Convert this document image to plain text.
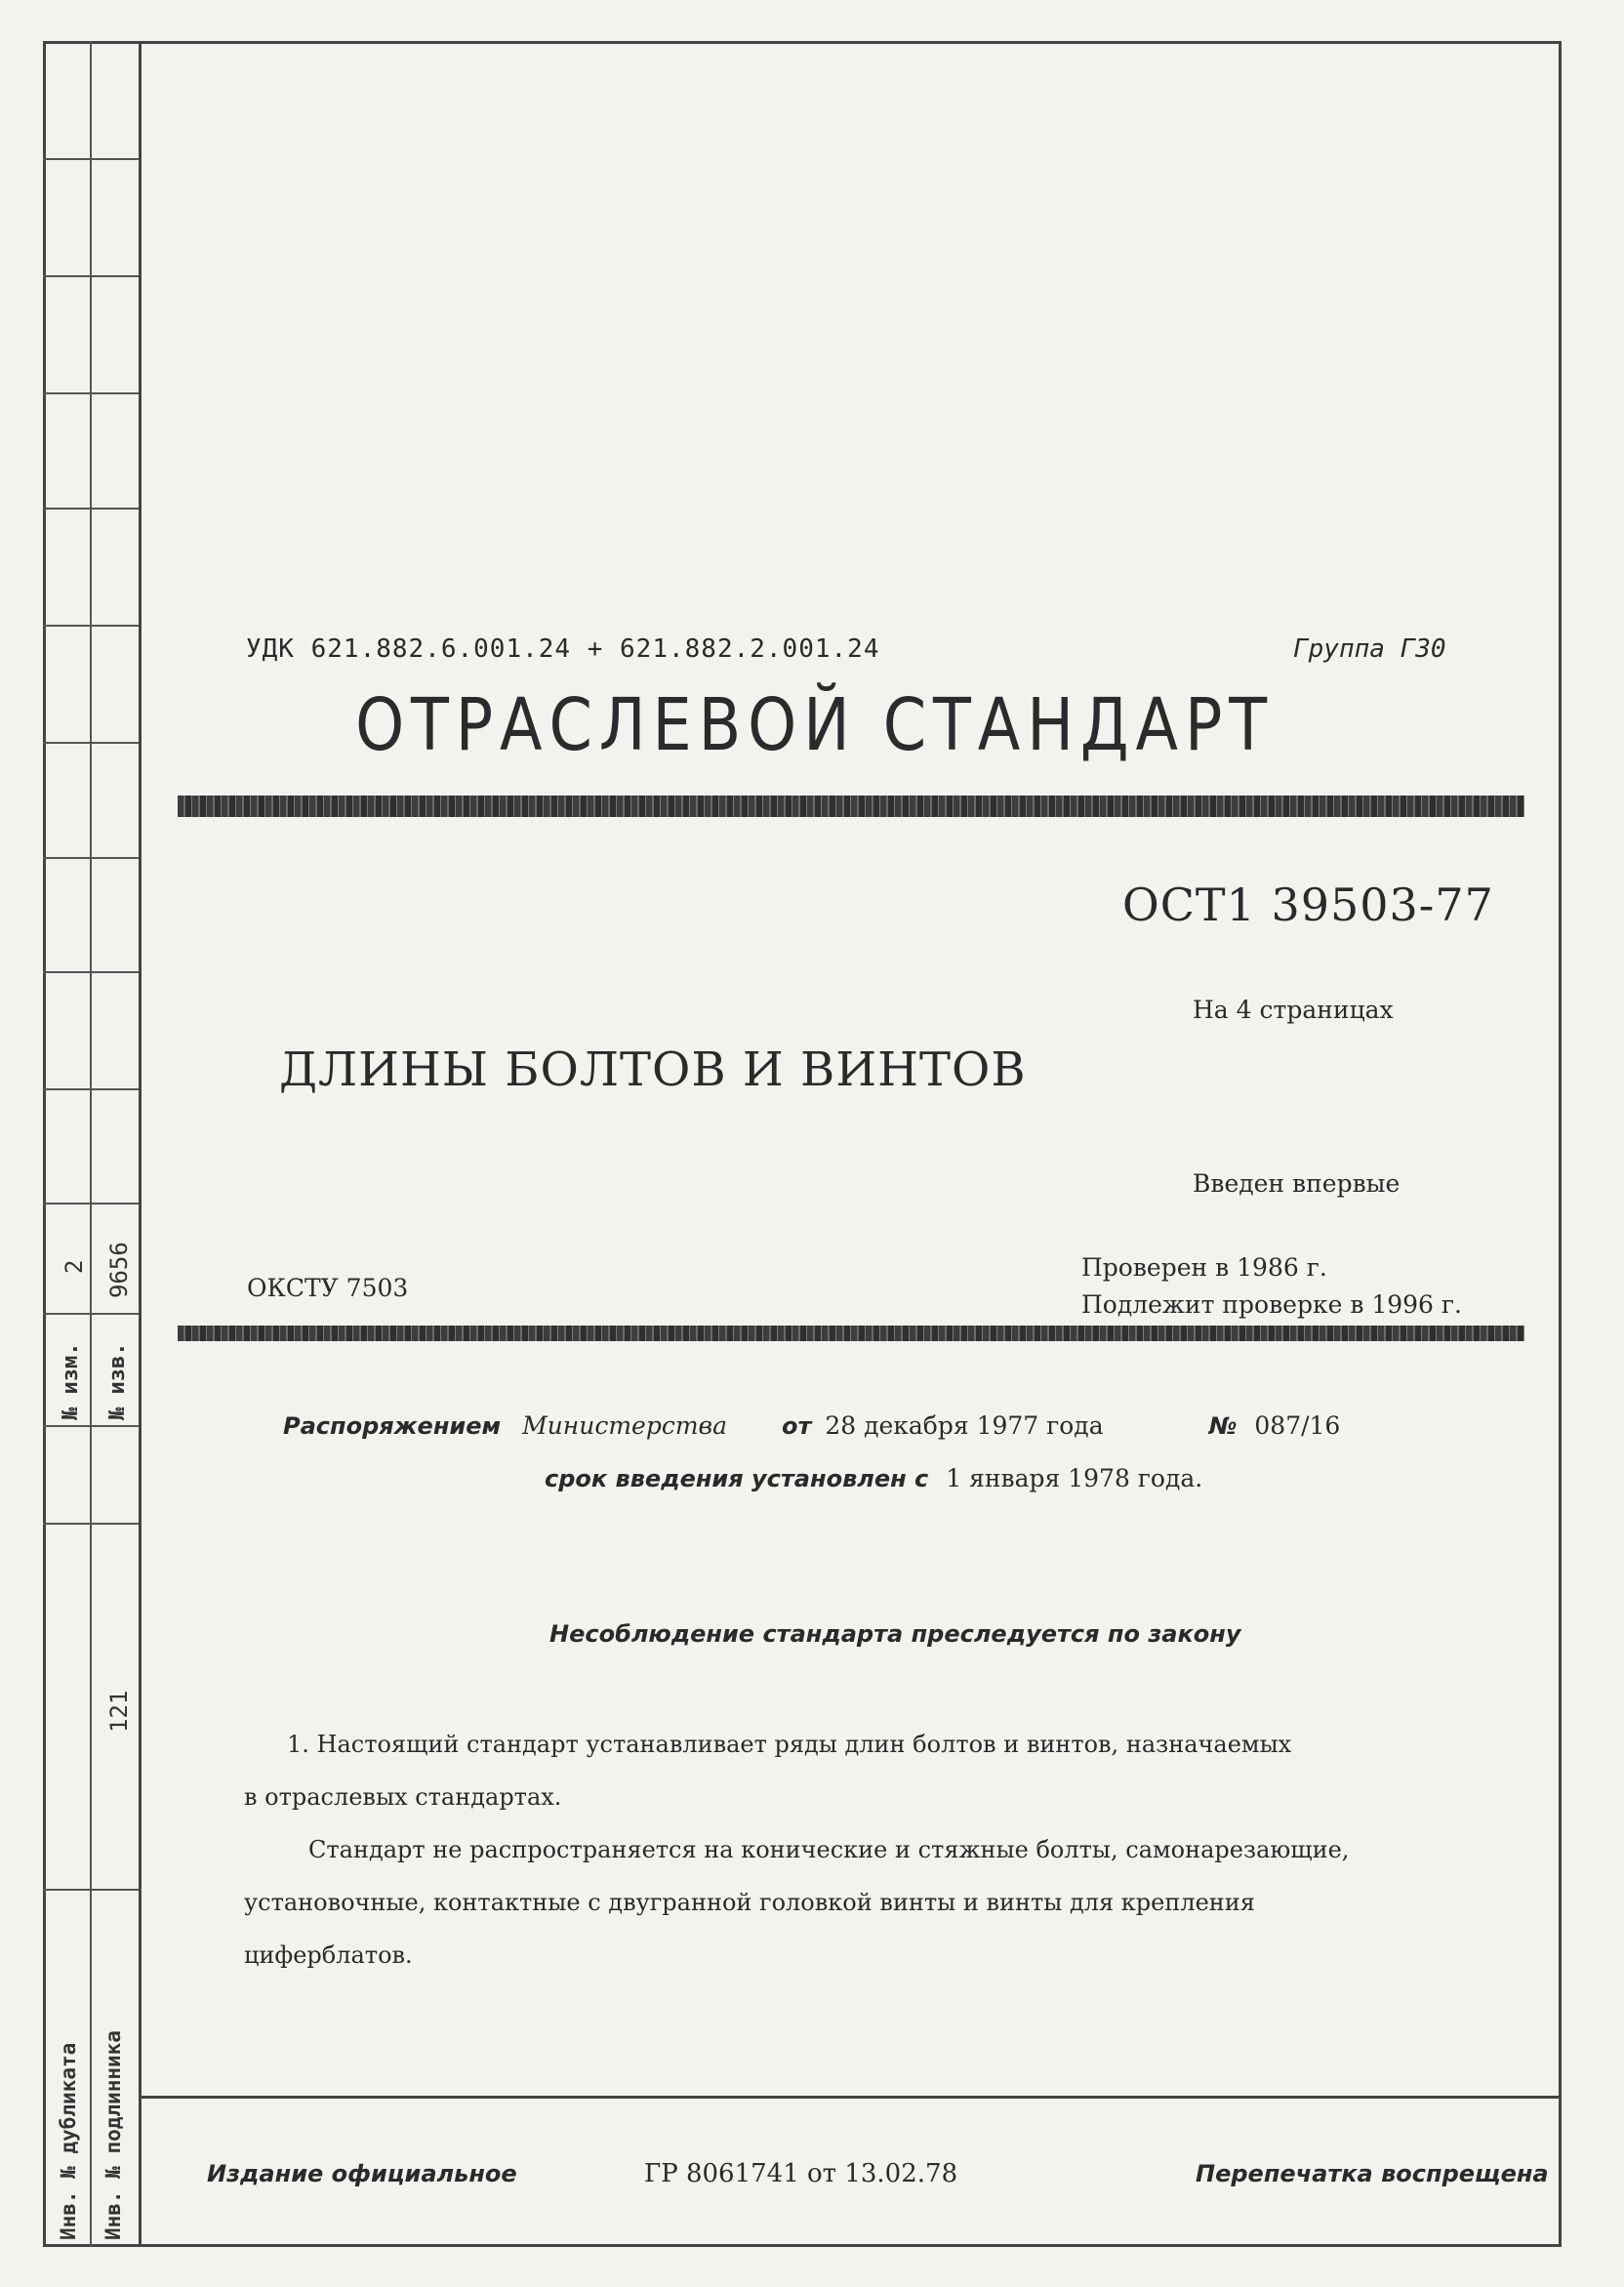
№ изм.
2
№ изв.
9656
121
Инв. № дубликата Инв. № подлинника
УДК 621.882.6.001.24 + 621.882.2.001.24	Группа Г30
ОТРАСЛЕВОЙ СТАНДАРТ
ОСТ1 39503-77
На 4 страницах
ДЛИНЫ БОЛТОВ И ВИНТОВ
Введен впервые
ОКСТУ 7503
Проверен в 1986 г.
Подлежит проверке в 1996 г.
Распоряжением Министерства от 28 декабря 1977 года	№ 087/16
срок введения установлен с 1 января 1978 года.
Несоблюдение стандарта преследуется по закону
1. Настоящий стандарт устанавливает ряды длин болтов и винтов, назначаемых
в отраслевых стандартах.
Стандарт не распространяется на конические и стяжные болты, самонарезающие,
установочные, контактные с двугранной головкой винты и винты для крепления
циферблатов.
Издание официальное	ГР 8061741 от 13.02.78	Перепечатка воспрещена
